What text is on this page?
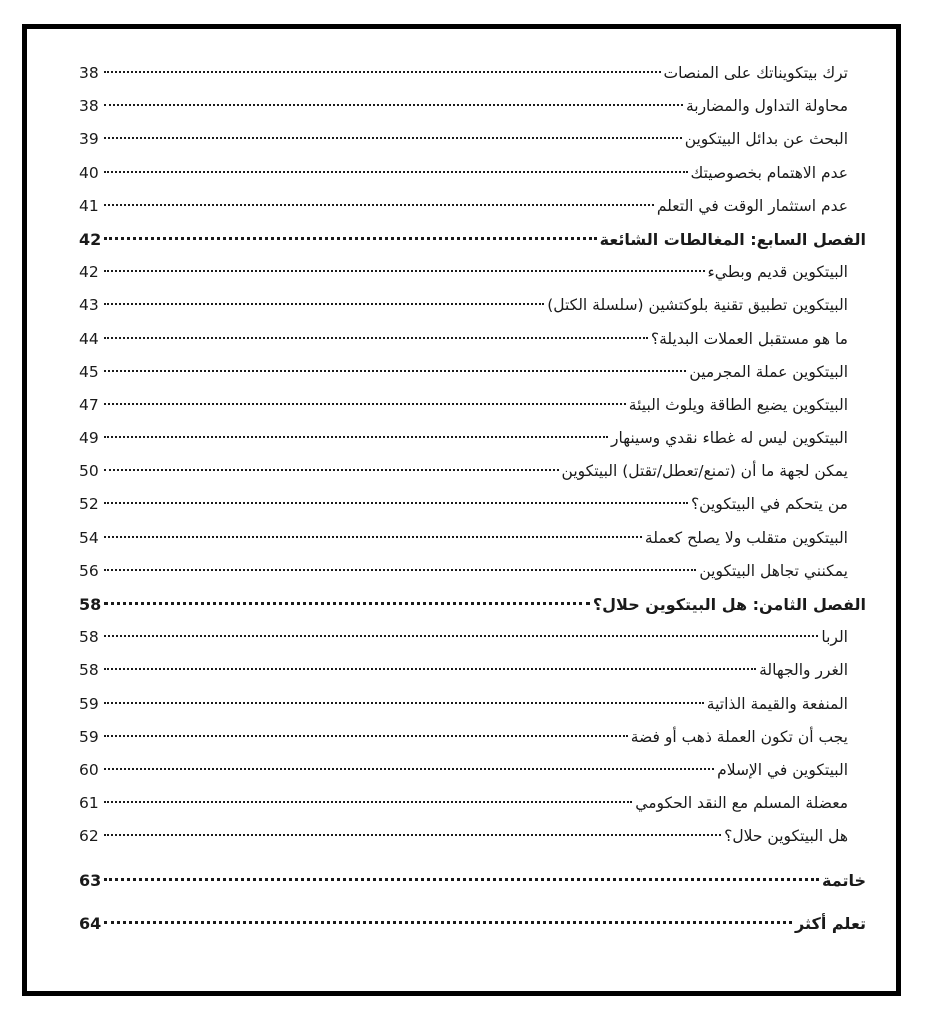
ترك بيتكويناتك على المنصات
38
محاولة التداول والمضاربة
38
البحث عن بدائل البيتكوين
39
عدم الاهتمام بخصوصيتك
40
عدم استثمار الوقت في التعلم
41
الفصل السابع: المغالطات الشائعة
42
البيتكوين قديم وبطيء
42
البيتكوين تطبيق تقنية بلوكتشين (سلسلة الكتل)
43
ما هو مستقبل العملات البديلة؟
44
البيتكوين عملة المجرمين
45
البيتكوين يضيع الطاقة ويلوث البيئة
47
البيتكوين ليس له غطاء نقدي وسينهار
49
يمكن لجهة ما أن (تمنع/تعطل/تقتل) البيتكوين
50
من يتحكم في البيتكوين؟
52
البيتكوين متقلب ولا يصلح كعملة
54
يمكنني تجاهل البيتكوين
56
الفصل الثامن: هل البيتكوين حلال؟
58
الربا
58
الغرر والجهالة
58
المنفعة والقيمة الذاتية
59
يجب أن تكون العملة ذهب أو فضة
59
البيتكوين في الإسلام
60
معضلة المسلم مع النقد الحكومي
61
هل البيتكوين حلال؟
62
خاتمة
63
تعلم أكثر
64
